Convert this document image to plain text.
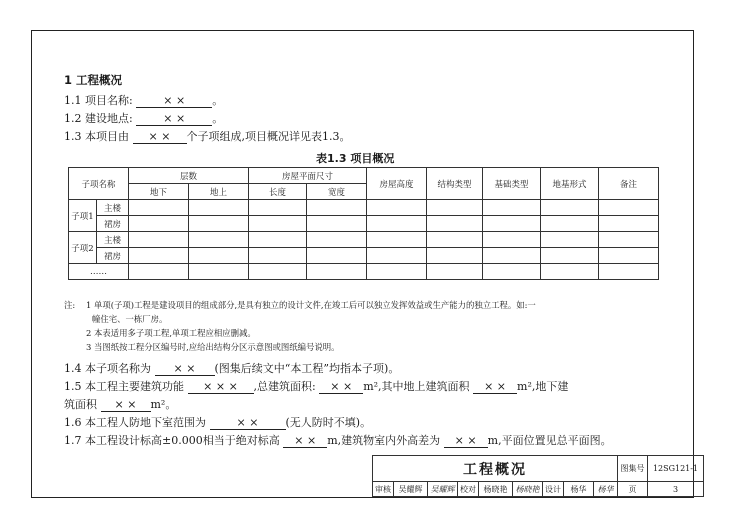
1 工程概况
1.1 项目名称:	× × 。
1.2 建设地点:	× × 。
1.3 本项目由 × × 个子项组成,项目概况详见表1.3。
表1.3 项目概况
子项名称		层数		房屋平面尺寸		房屋高度	结构类型	基础类型	地基形式	备注
		地下	地上	长度	宽度					
子项1	主楼									
	裙房									
子项2	主楼									
	裙房									
……										
注: 1 单项(子项)工程是建设项目的组成部分,是具有独立的设计文件,在竣工后可以独立发挥效益或生产能力的独立工程。如:一
幢住宅、一栋厂房。
2 本表适用多子项工程,单项工程应相应删减。
3 当图纸按工程分区编号时,应给出结构分区示意图或图纸编号说明。
1.4 本子项名称为 × × (图集后续文中“本工程”均指本子项)。
1.5 本工程主要建筑功能 × × × ,总建筑面积: × × m²,其中地上建筑面积 × × m²,地下建
筑面积 × × m²。
1.6 本工程人防地下室范围为	× × (无人防时不填)。
1.7 本工程设计标高±0.000相当于绝对标高 × × m,建筑物室内外高差为 × × m,平面位置见总平面图。
工程概况									图集号	12SG121-1
审核	吴耀辉	吴耀辉	校对	杨晓艳	杨晓艳	设计	杨华	杨华	页	3
